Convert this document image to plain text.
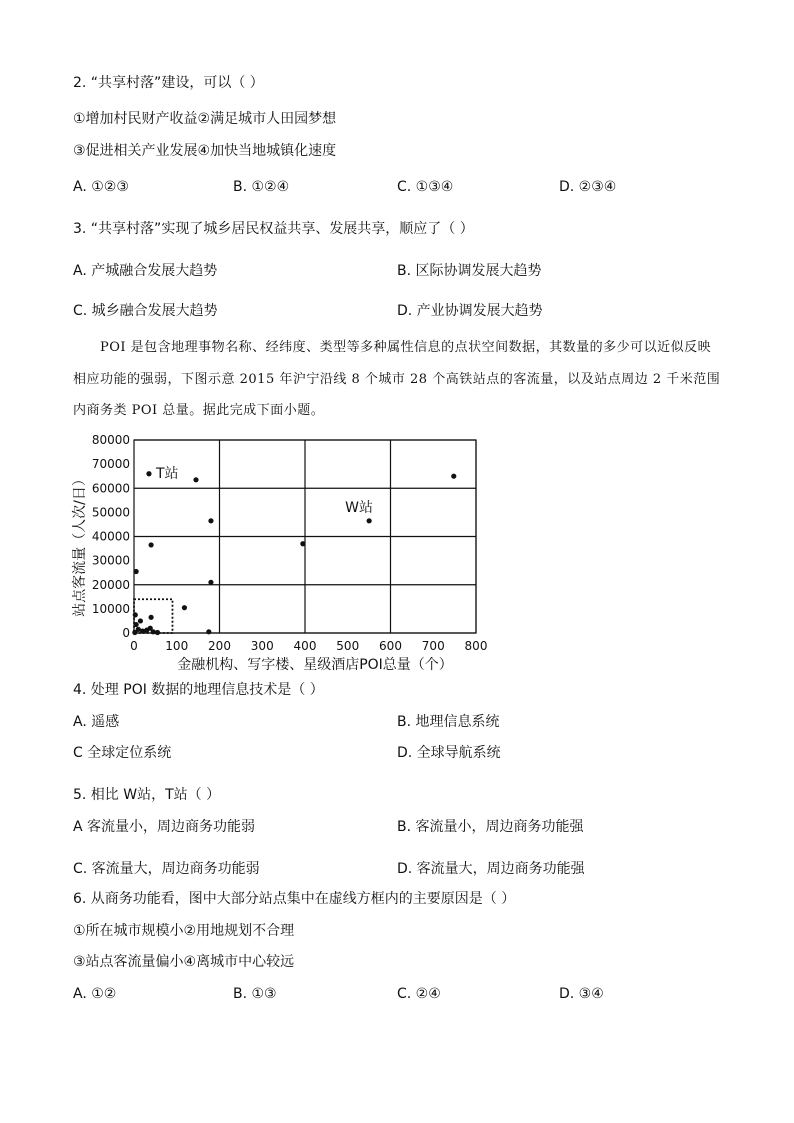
2. “共享村落”建设，可以（ ）
①增加村民财产收益②满足城市人田园梦想
③促进相关产业发展④加快当地城镇化速度
A. ①②③	B. ①②④	C. ①③④	D. ②③④
3. “共享村落”实现了城乡居民权益共享、发展共享，顺应了（ ）
A. 产城融合发展大趋势	B. 区际协调发展大趋势
C. 城乡融合发展大趋势	D. 产业协调发展大趋势
POI 是包含地理事物名称、经纬度、类型等多种属性信息的点状空间数据，其数量的多少可以近似反映
相应功能的强弱，下图示意 2015 年沪宁沿线 8 个城市 28 个高铁站点的客流量，以及站点周边 2 千米范围
内商务类 POI 总量。据此完成下面小题。
0
10000
20000
30000
40000
50000
60000
70000
80000
0 100 200 300 400 500 600 700 800
T站
W站
站点客流量（人次/日）
金融机构、写字楼、星级酒店POI总量（个）
4. 处理 POI 数据的地理信息技术是（ ）
A. 遥感	B. 地理信息系统
C 全球定位系统	D. 全球导航系统
5. 相比 W站，T站（ ）
A 客流量小，周边商务功能弱	B. 客流量小，周边商务功能强
C. 客流量大，周边商务功能弱	D. 客流量大，周边商务功能强
6. 从商务功能看，图中大部分站点集中在虚线方框内的主要原因是（ ）
①所在城市规模小②用地规划不合理
③站点客流量偏小④离城市中心较远
A. ①②	B. ①③	C. ②④	D. ③④
